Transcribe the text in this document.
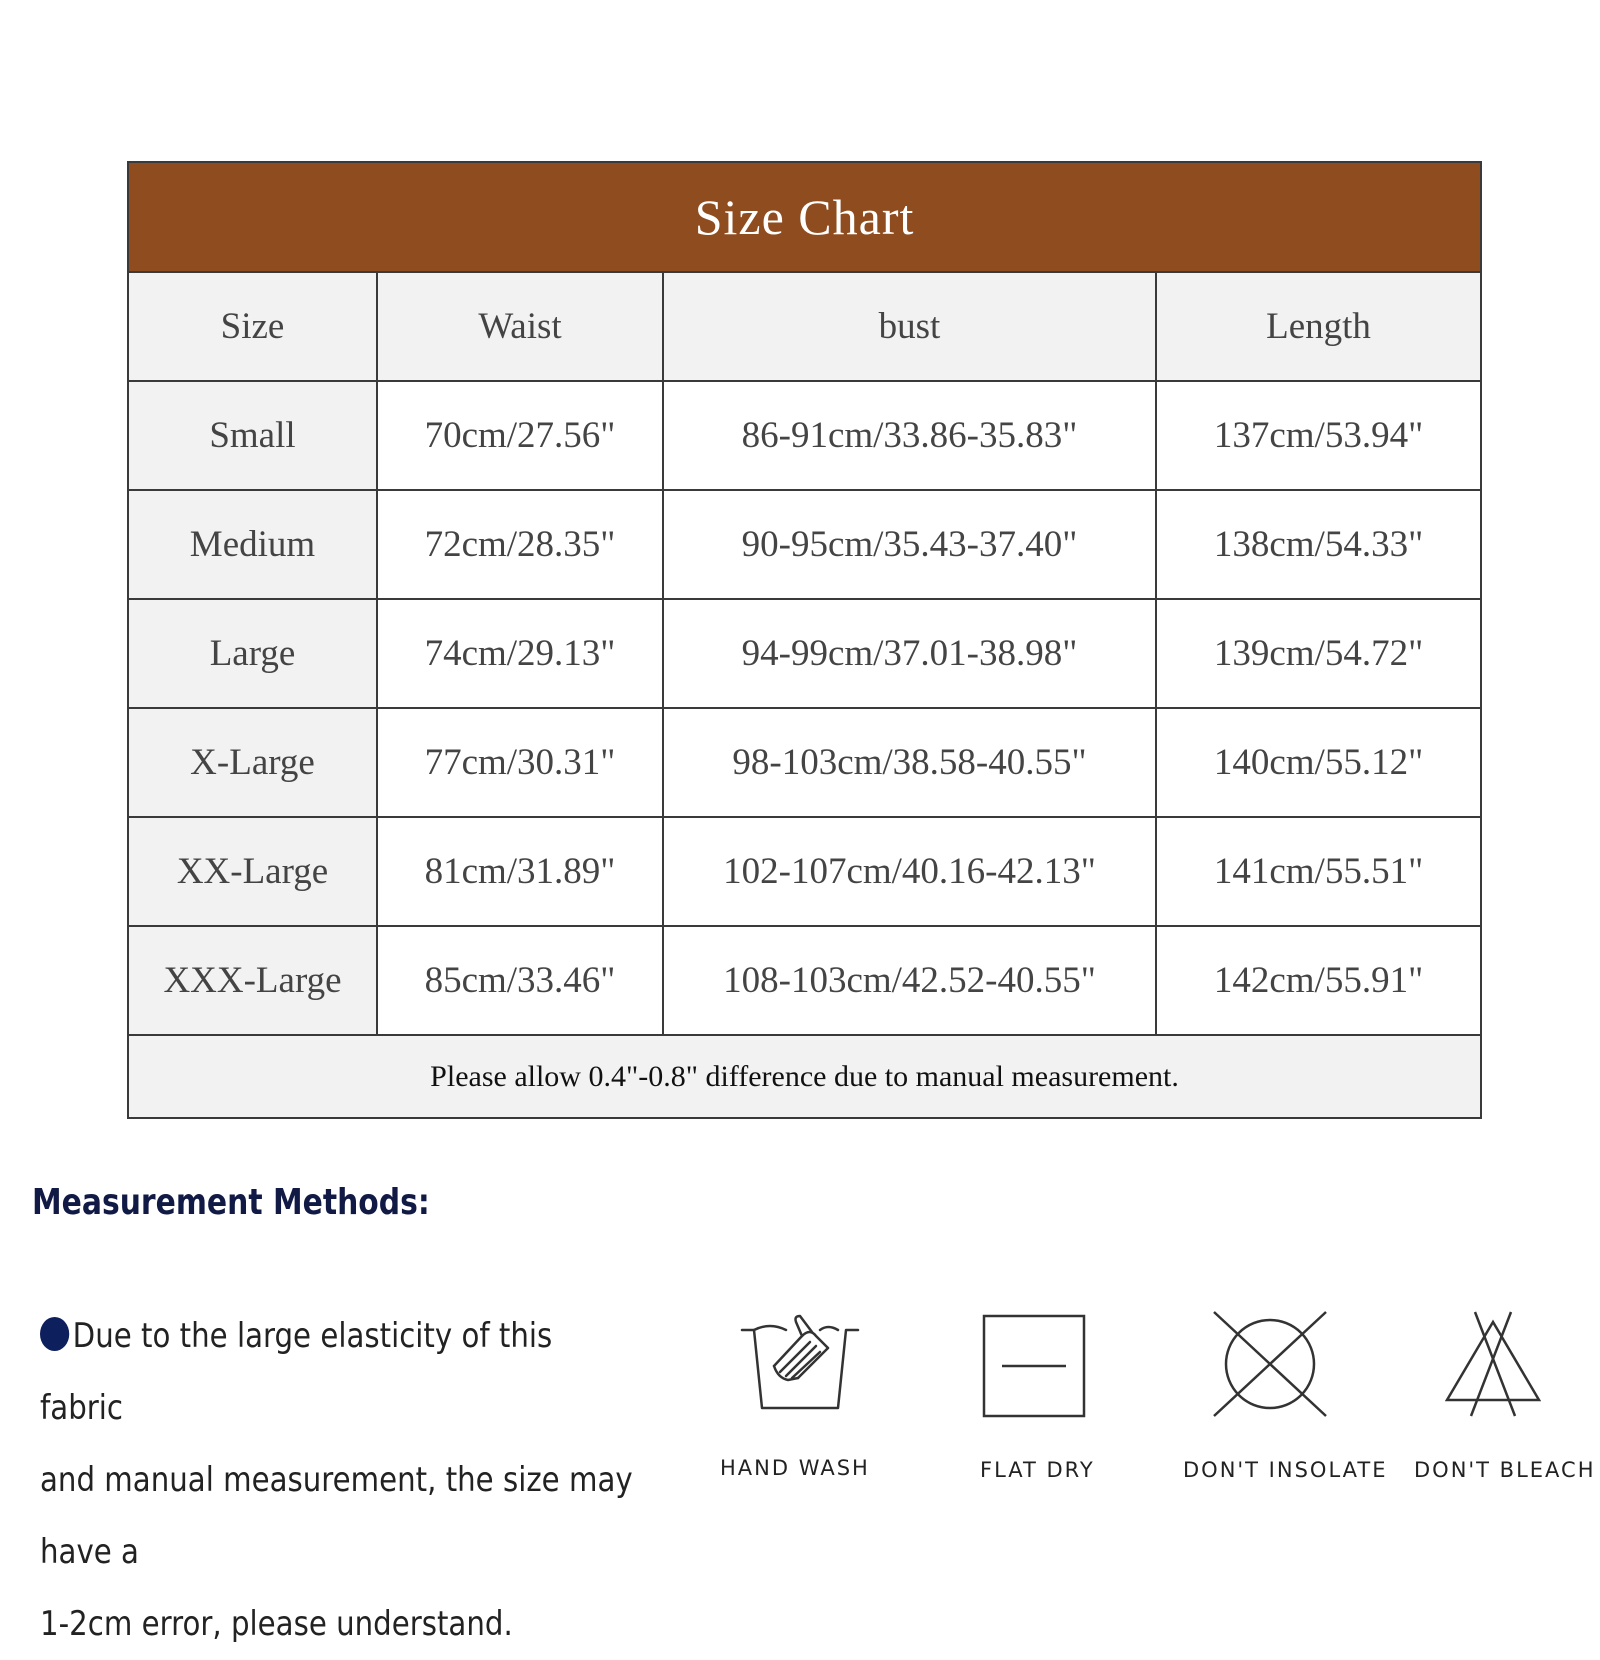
Size Chart			
Size	Waist	bust	Length
Small	70cm/27.56"	86-91cm/33.86-35.83"	137cm/53.94"
Medium	72cm/28.35"	90-95cm/35.43-37.40"	138cm/54.33"
Large	74cm/29.13"	94-99cm/37.01-38.98"	139cm/54.72"
X-Large	77cm/30.31"	98-103cm/38.58-40.55"	140cm/55.12"
XX-Large	81cm/31.89"	102-107cm/40.16-42.13"	141cm/55.51"
XXX-Large	85cm/33.46"	108-103cm/42.52-40.55"	142cm/55.91"
Please allow 0.4"-0.8" difference due to manual measurement.			
Measurement Methods:
Due to the large elasticity of this fabric
and manual measurement, the size may have a
1-2cm error, please understand.
HAND WASH	FLAT DRY	DON'T INSOLATE DON'T BLEACH
